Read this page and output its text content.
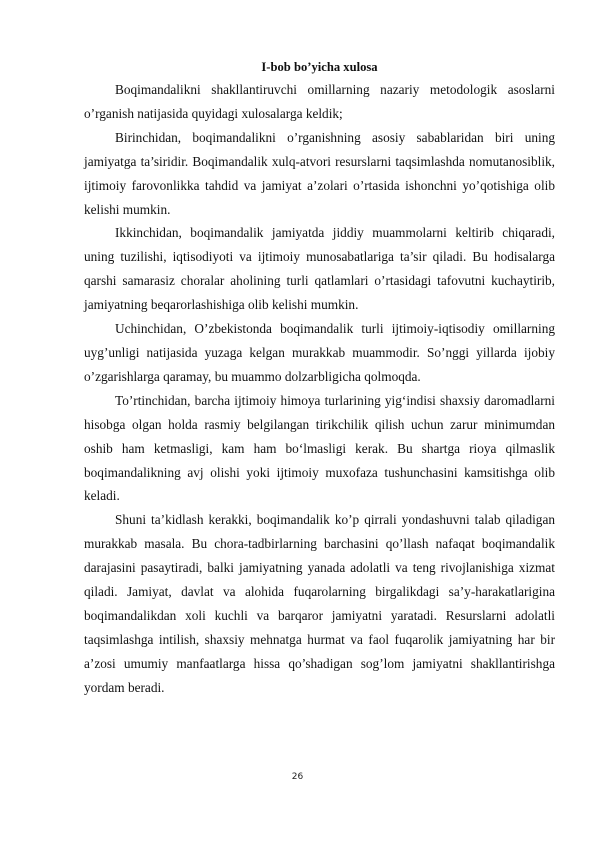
I-bob bo’yicha xulosa

Boqimandalikni shakllantiruvchi omillarning nazariy metodologik asoslarni o’rganish natijasida quyidagi xulosalarga keldik;

Birinchidan, boqimandalikni o’rganishning asosiy sabablaridan biri uning jamiyatga ta’siridir. Boqimandalik xulq-atvori resurslarni taqsimlashda nomutanosiblik, ijtimoiy farovonlikka tahdid va jamiyat a’zolari o’rtasida ishonchni yo’qotishiga olib kelishi mumkin.

Ikkinchidan, boqimandalik jamiyatda jiddiy muammolarni keltirib chiqaradi, uning tuzilishi, iqtisodiyoti va ijtimoiy munosabatlariga ta’sir qiladi. Bu hodisalarga qarshi samarasiz choralar aholining turli qatlamlari o’rtasidagi tafovutni kuchaytirib, jamiyatning beqarorlashishiga olib kelishi mumkin.

Uchinchidan, O’zbekistonda boqimandalik turli ijtimoiy-iqtisodiy omillarning uyg’unligi natijasida yuzaga kelgan murakkab muammodir. So’nggi yillarda ijobiy o’zgarishlarga qaramay, bu muammo dolzarbligicha qolmoqda.

To’rtinchidan, barcha ijtimoiy himoya turlarining yig‘indisi shaxsiy daromadlarni hisobga olgan holda rasmiy belgilangan tirikchilik qilish uchun zarur minimumdan oshib ham ketmasligi, kam ham bo‘lmasligi kerak. Bu shartga rioya qilmaslik boqimandalikning avj olishi yoki ijtimoiy muxofaza tushunchasini kamsitishga olib keladi.

Shuni ta’kidlash kerakki, boqimandalik ko’p qirrali yondashuvni talab qiladigan murakkab masala. Bu chora-tadbirlarning barchasini qo’llash nafaqat boqimandalik darajasini pasaytiradi, balki jamiyatning yanada adolatli va teng rivojlanishiga xizmat qiladi. Jamiyat, davlat va alohida fuqarolarning birgalikdagi sa’y-harakatlarigina boqimandalikdan xoli kuchli va barqaror jamiyatni yaratadi. Resurslarni adolatli taqsimlashga intilish, shaxsiy mehnatga hurmat va faol fuqarolik jamiyatning har bir a’zosi umumiy manfaatlarga hissa qo’shadigan sog’lom jamiyatni shakllantirishga yordam beradi.

26
